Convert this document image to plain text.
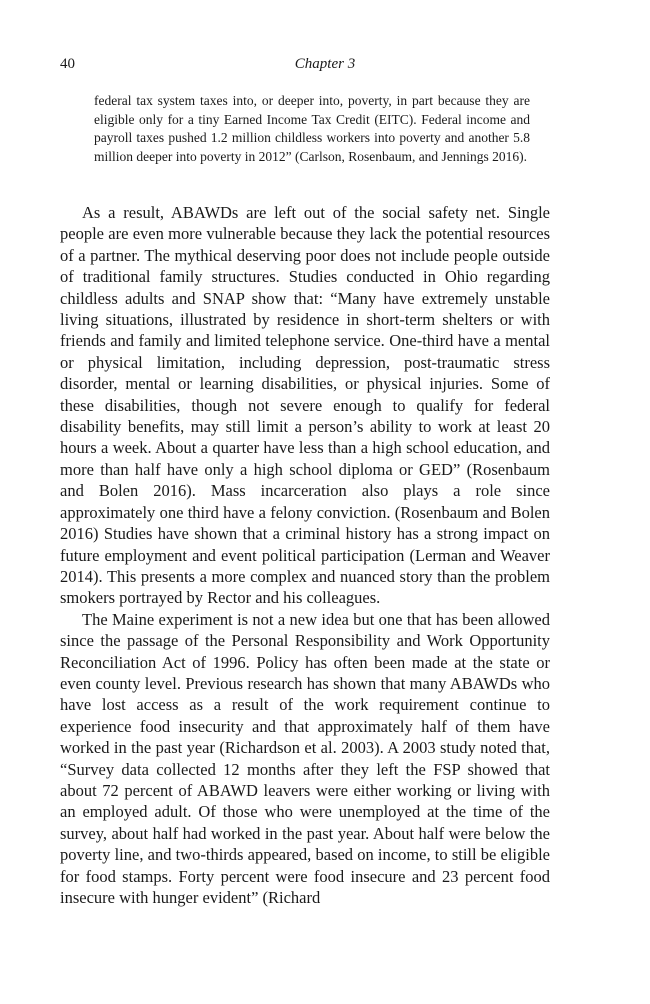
40	Chapter 3

federal tax system taxes into, or deeper into, poverty, in part because they are eligible only for a tiny Earned Income Tax Credit (EITC). Federal income and payroll taxes pushed 1.2 million childless workers into poverty and another 5.8 million deeper into poverty in 2012” (Carlson, Rosenbaum, and Jennings 2016).

As a result, ABAWDs are left out of the social safety net. Single people are even more vulnerable because they lack the potential resources of a partner. The mythical deserving poor does not include people outside of traditional family structures. Studies conducted in Ohio regarding childless adults and SNAP show that: “Many have extremely unstable living situations, illustrated by residence in short-term shelters or with friends and family and limited telephone service. One-third have a mental or physical limitation, including depression, post-traumatic stress disorder, mental or learning disabilities, or physical injuries. Some of these disabilities, though not severe enough to qualify for federal disability benefits, may still limit a person’s ability to work at least 20 hours a week. About a quarter have less than a high school education, and more than half have only a high school diploma or GED” (Rosenbaum and Bolen 2016). Mass incarceration also plays a role since approximately one third have a felony conviction. (Rosenbaum and Bolen 2016) Studies have shown that a criminal history has a strong impact on future employment and event political participation (Lerman and Weaver 2014). This presents a more complex and nuanced story than the problem smokers portrayed by Rector and his colleagues.

The Maine experiment is not a new idea but one that has been allowed since the passage of the Personal Responsibility and Work Opportunity Reconciliation Act of 1996. Policy has often been made at the state or even county level. Previous research has shown that many ABAWDs who have lost access as a result of the work requirement continue to experience food insecurity and that approximately half of them have worked in the past year (Richardson et al. 2003). A 2003 study noted that, “Survey data collected 12 months after they left the FSP showed that about 72 percent of ABAWD leavers were either working or living with an employed adult. Of those who were unemployed at the time of the survey, about half had worked in the past year. About half were below the poverty line, and two-thirds appeared, based on income, to still be eligible for food stamps. Forty percent were food insecure and 23 percent food insecure with hunger evident” (Richard
